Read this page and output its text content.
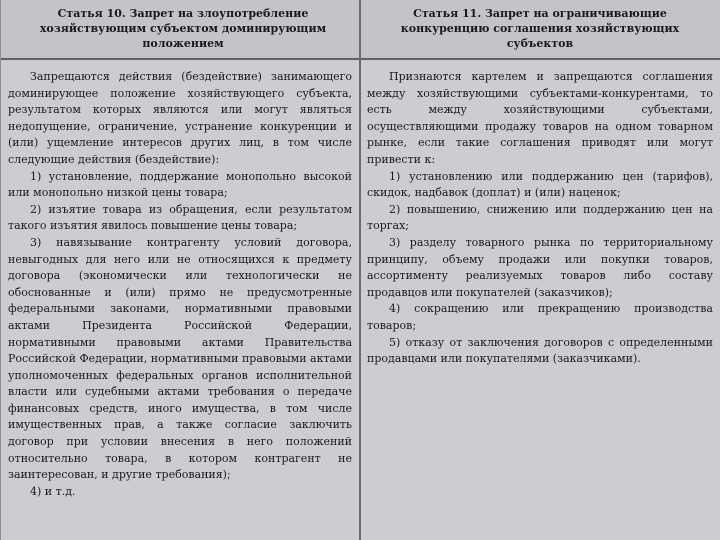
Статья 10. Запрет на злоупотребление хозяйствующим субъектом доминирующим положением
Статья 11. Запрет на ограничивающие конкуренцию соглашения хозяйствующих субъектов

Запрещаются действия (бездействие) занимающего доминирующее положение хозяйствующего субъекта, результатом которых являются или могут являться недопущение, ограничение, устранение конкуренции и (или) ущемление интересов других лиц, в том числе следующие действия (бездействие):

1) установление, поддержание монопольно высокой или монопольно низкой цены товара;

2) изъятие товара из обращения, если результатом такого изъятия явилось повышение цены товара;

3) навязывание контрагенту условий договора, невыгодных для него или не относящихся к предмету договора (экономически или технологически не обоснованные и (или) прямо не предусмотренные федеральными законами, нормативными правовыми актами Президента Российской Федерации, нормативными правовыми актами Правительства Российской Федерации, нормативными правовыми актами уполномоченных федеральных органов исполнительной власти или судебными актами требования о передаче финансовых средств, иного имущества, в том числе имущественных прав, а также согласие заключить договор при условии внесения в него положений относительно товара, в котором контрагент не заинтересован, и другие требования);

4) и т.д.

Признаются картелем и запрещаются соглашения между хозяйствующими субъектами-конкурентами, то есть между хозяйствующими субъектами, осуществляющими продажу товаров на одном товарном рынке, если такие соглашения приводят или могут привести к:

1) установлению или поддержанию цен (тарифов), скидок, надбавок (доплат) и (или) наценок;

2) повышению, снижению или поддержанию цен на торгах;

3) разделу товарного рынка по территориальному принципу, объему продажи или покупки товаров, ассортименту реализуемых товаров либо составу продавцов или покупателей (заказчиков);

4) сокращению или прекращению производства товаров;

5) отказу от заключения договоров с определенными продавцами или покупателями (заказчиками).
